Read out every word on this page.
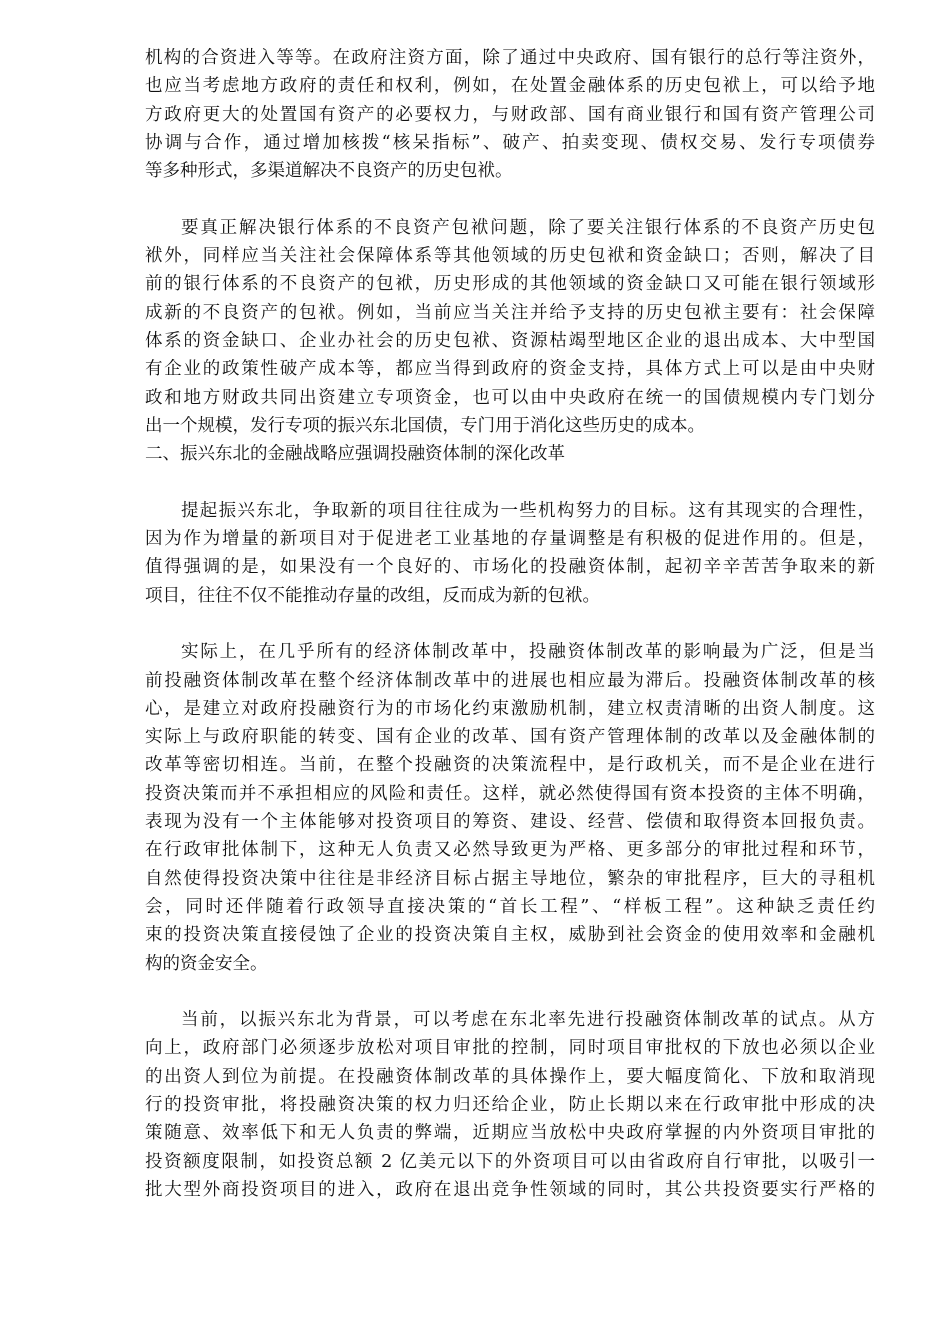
机构的合资进入等等。在政府注资方面，除了通过中央政府、国有银行的总行等注资外，
也应当考虑地方政府的责任和权利，例如，在处置金融体系的历史包袱上，可以给予地
方政府更大的处置国有资产的必要权力，与财政部、国有商业银行和国有资产管理公司
协调与合作，通过增加核拨“核呆指标”、破产、拍卖变现、债权交易、发行专项债券
等多种形式，多渠道解决不良资产的历史包袱。
要真正解决银行体系的不良资产包袱问题，除了要关注银行体系的不良资产历史包
袱外，同样应当关注社会保障体系等其他领域的历史包袱和资金缺口；否则，解决了目
前的银行体系的不良资产的包袱，历史形成的其他领域的资金缺口又可能在银行领域形
成新的不良资产的包袱。例如，当前应当关注并给予支持的历史包袱主要有：社会保障
体系的资金缺口、企业办社会的历史包袱、资源枯竭型地区企业的退出成本、大中型国
有企业的政策性破产成本等，都应当得到政府的资金支持，具体方式上可以是由中央财
政和地方财政共同出资建立专项资金，也可以由中央政府在统一的国债规模内专门划分
出一个规模，发行专项的振兴东北国债，专门用于消化这些历史的成本。
二、振兴东北的金融战略应强调投融资体制的深化改革
提起振兴东北，争取新的项目往往成为一些机构努力的目标。这有其现实的合理性，
因为作为增量的新项目对于促进老工业基地的存量调整是有积极的促进作用的。但是，
值得强调的是，如果没有一个良好的、市场化的投融资体制，起初辛辛苦苦争取来的新
项目，往往不仅不能推动存量的改组，反而成为新的包袱。
实际上，在几乎所有的经济体制改革中，投融资体制改革的影响最为广泛，但是当
前投融资体制改革在整个经济体制改革中的进展也相应最为滞后。投融资体制改革的核
心，是建立对政府投融资行为的市场化约束激励机制，建立权责清晰的出资人制度。这
实际上与政府职能的转变、国有企业的改革、国有资产管理体制的改革以及金融体制的
改革等密切相连。当前，在整个投融资的决策流程中，是行政机关，而不是企业在进行
投资决策而并不承担相应的风险和责任。这样，就必然使得国有资本投资的主体不明确，
表现为没有一个主体能够对投资项目的筹资、建设、经营、偿债和取得资本回报负责。
在行政审批体制下，这种无人负责又必然导致更为严格、更多部分的审批过程和环节，
自然使得投资决策中往往是非经济目标占据主导地位，繁杂的审批程序，巨大的寻租机
会，同时还伴随着行政领导直接决策的“首长工程”、“样板工程”。这种缺乏责任约
束的投资决策直接侵蚀了企业的投资决策自主权，威胁到社会资金的使用效率和金融机
构的资金安全。
当前，以振兴东北为背景，可以考虑在东北率先进行投融资体制改革的试点。从方
向上，政府部门必须逐步放松对项目审批的控制，同时项目审批权的下放也必须以企业
的出资人到位为前提。在投融资体制改革的具体操作上，要大幅度简化、下放和取消现
行的投资审批，将投融资决策的权力归还给企业，防止长期以来在行政审批中形成的决
策随意、效率低下和无人负责的弊端，近期应当放松中央政府掌握的内外资项目审批的
投资额度限制，如投资总额 2 亿美元以下的外资项目可以由省政府自行审批，以吸引一
批大型外商投资项目的进入，政府在退出竞争性领域的同时，其公共投资要实行严格的
